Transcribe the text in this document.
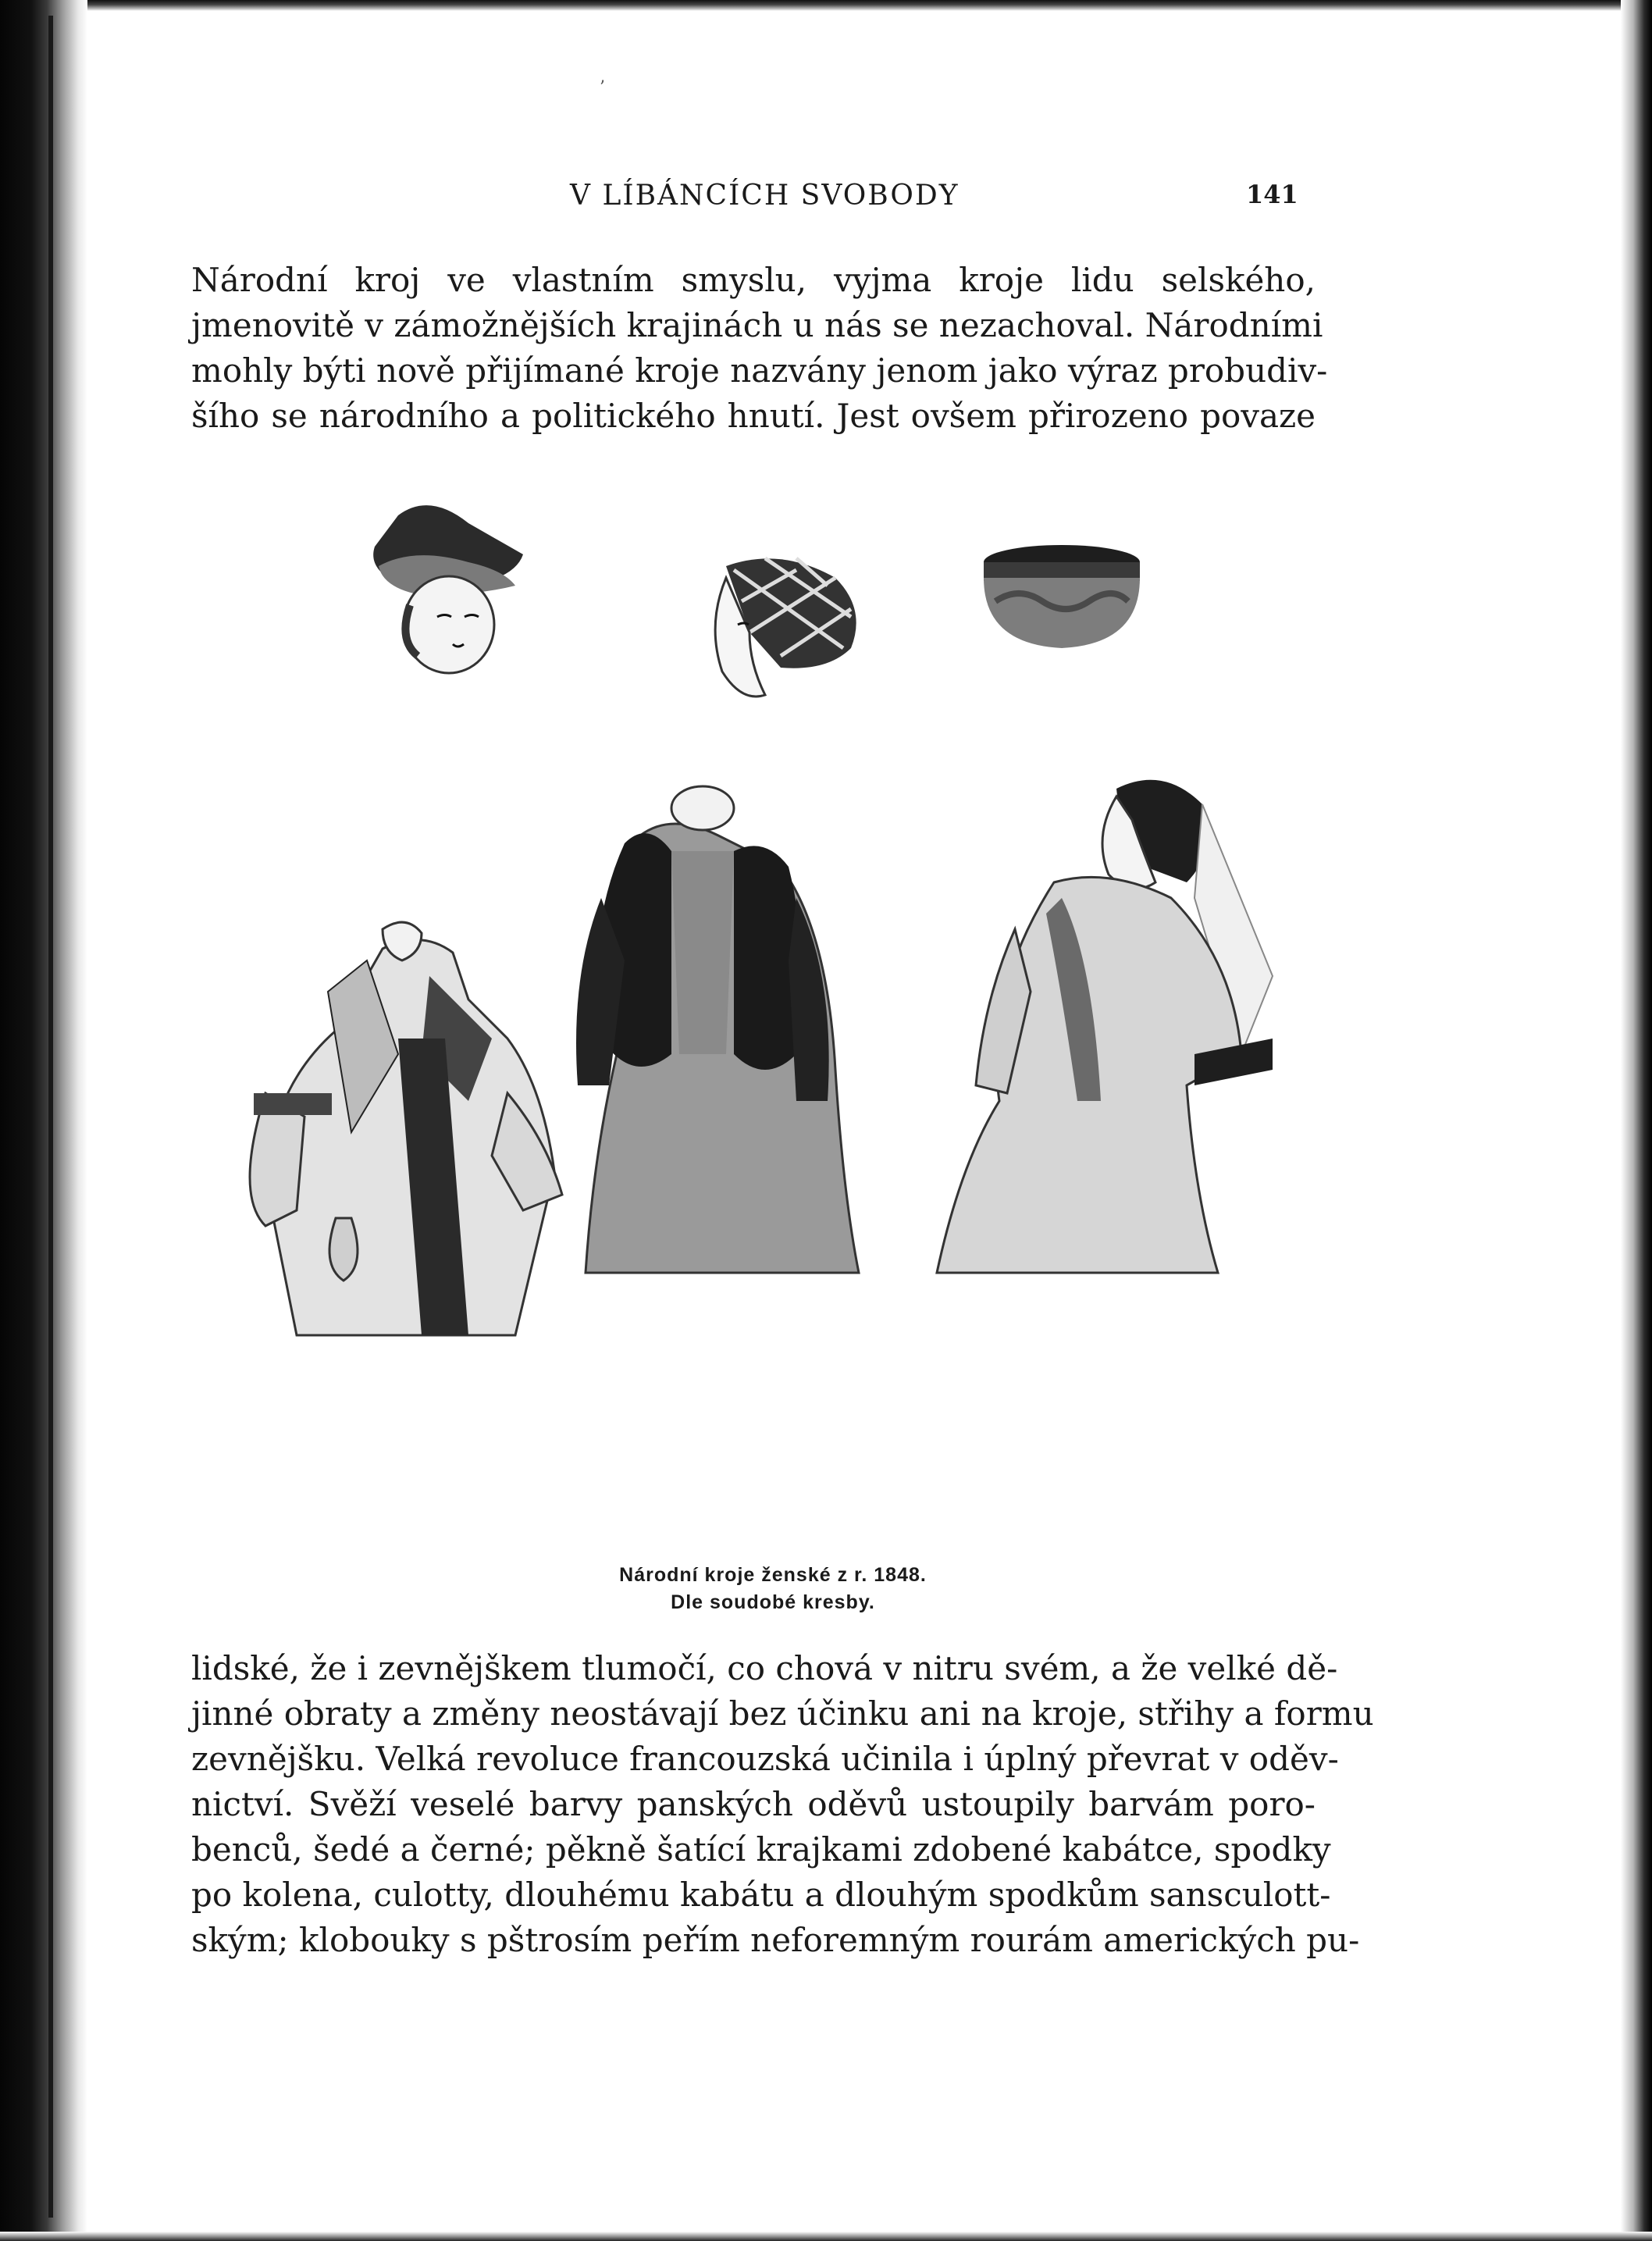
’
V LÍBÁNCÍCH SVOBODY	141

Národní kroj ve vlastním smyslu, vyjma kroje lidu selského,
jmenovitě v zámožnějších krajinách u nás se nezachoval. Národními
mohly býti nově přijímané kroje nazvány jenom jako výraz probudiv-
šího se národního a politického hnutí. Jest ovšem přirozeno povaze

Národní kroje ženské z r. 1848.

Dle soudobé kresby.

lidské, že i zevnějškem tlumočí, co chová v nitru svém, a že velké dě-
jinné obraty a změny neostávají bez účinku ani na kroje, střihy a formu
zevnějšku. Velká revoluce francouzská učinila i úplný převrat v oděv-
nictví. Svěží veselé barvy panských oděvů ustoupily barvám poro-
benců, šedé a černé; pěkně šatící krajkami zdobené kabátce, spodky
po kolena, culotty, dlouhému kabátu a dlouhým spodkům sansculott-
ským; klobouky s pštrosím peřím neforemným rourám amerických pu-
